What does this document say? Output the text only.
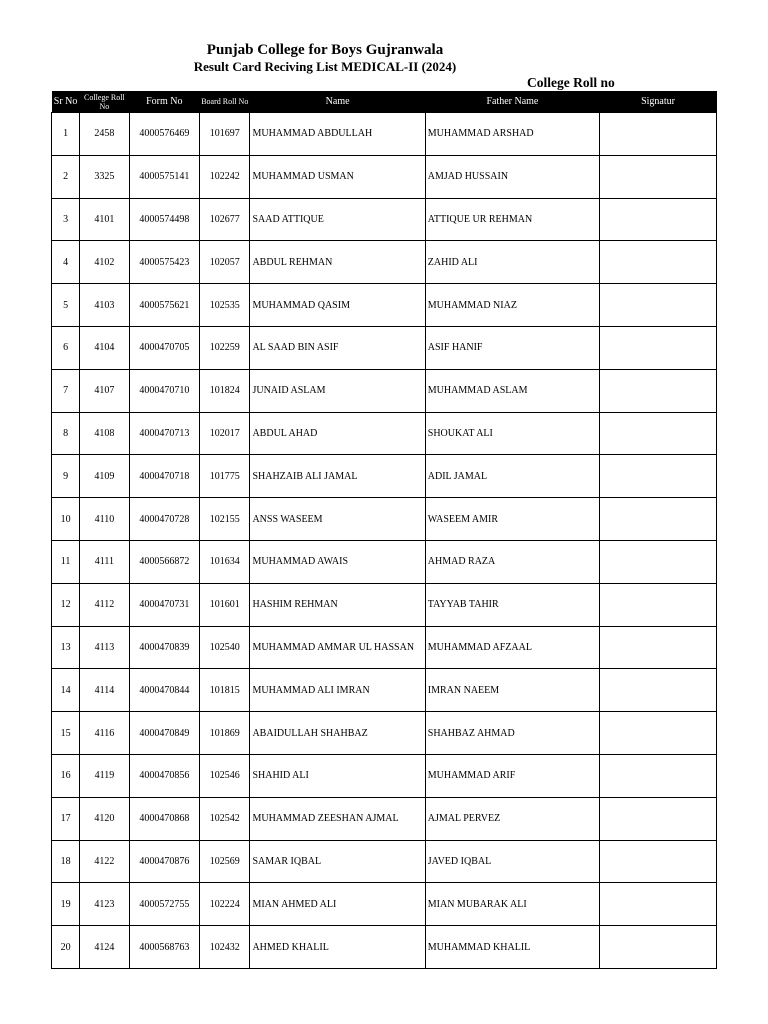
Punjab College for Boys Gujranwala
Result Card Reciving List MEDICAL-II (2024)
College Roll no
Sr No	College Roll No	Form No	Board Roll No	Name	Father Name	Signatur
1	2458	4000576469	101697	MUHAMMAD ABDULLAH	MUHAMMAD ARSHAD	
2	3325	4000575141	102242	MUHAMMAD USMAN	AMJAD HUSSAIN	
3	4101	4000574498	102677	SAAD ATTIQUE	ATTIQUE UR REHMAN	
4	4102	4000575423	102057	ABDUL REHMAN	ZAHID ALI	
5	4103	4000575621	102535	MUHAMMAD QASIM	MUHAMMAD NIAZ	
6	4104	4000470705	102259	AL SAAD BIN ASIF	ASIF HANIF	
7	4107	4000470710	101824	JUNAID ASLAM	MUHAMMAD ASLAM	
8	4108	4000470713	102017	ABDUL AHAD	SHOUKAT ALI	
9	4109	4000470718	101775	SHAHZAIB ALI JAMAL	ADIL JAMAL	
10	4110	4000470728	102155	ANSS WASEEM	WASEEM AMIR	
11	4111	4000566872	101634	MUHAMMAD AWAIS	AHMAD RAZA	
12	4112	4000470731	101601	HASHIM REHMAN	TAYYAB TAHIR	
13	4113	4000470839	102540	MUHAMMAD AMMAR UL HASSAN	MUHAMMAD AFZAAL	
14	4114	4000470844	101815	MUHAMMAD ALI IMRAN	IMRAN NAEEM	
15	4116	4000470849	101869	ABAIDULLAH SHAHBAZ	SHAHBAZ AHMAD	
16	4119	4000470856	102546	SHAHID ALI	MUHAMMAD ARIF	
17	4120	4000470868	102542	MUHAMMAD ZEESHAN AJMAL	AJMAL PERVEZ	
18	4122	4000470876	102569	SAMAR IQBAL	JAVED IQBAL	
19	4123	4000572755	102224	MIAN AHMED ALI	MIAN MUBARAK ALI	
20	4124	4000568763	102432	AHMED KHALIL	MUHAMMAD KHALIL	
